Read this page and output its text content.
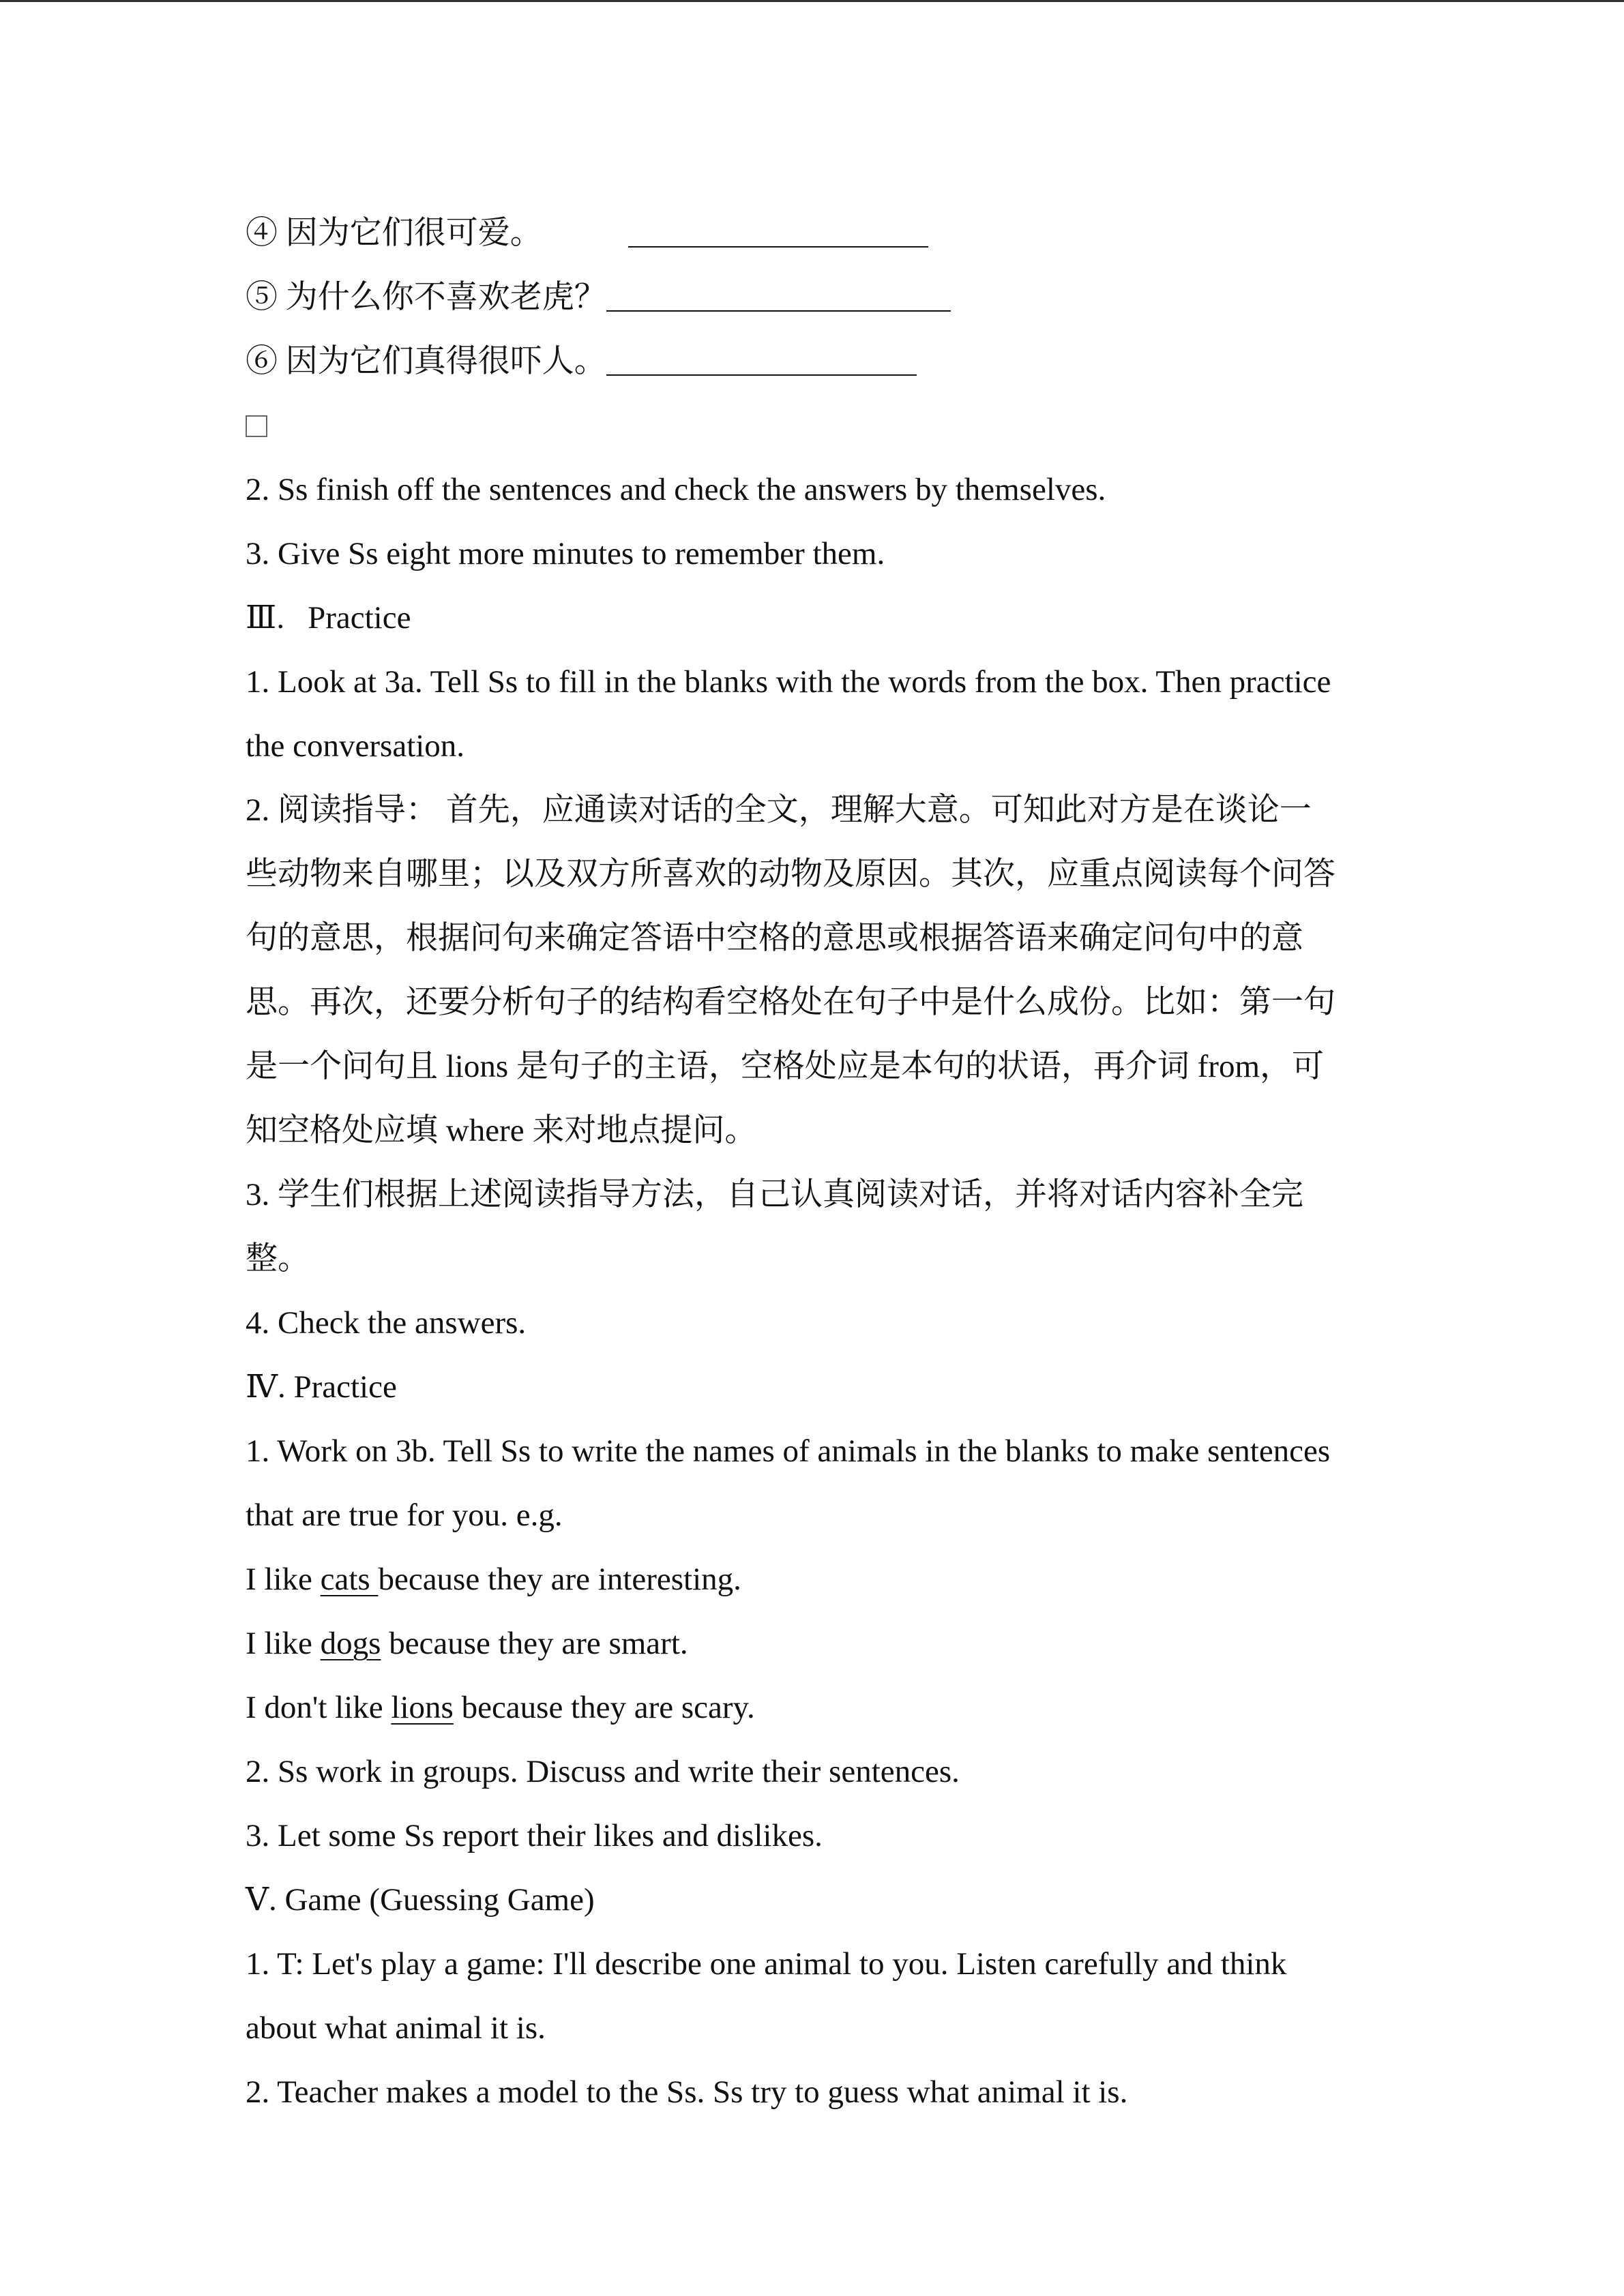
④ 因为它们很可爱。

⑤ 为什么你不喜欢老虎？

⑥ 因为它们真得很吓人。

2. Ss finish off the sentences and check the answers by themselves.

3. Give Ss eight more minutes to remember them.

Ⅲ. Practice

1. Look at 3a. Tell Ss to fill in the blanks with the words from the box. Then practice

the conversation.

2. 阅读指导： 首先，应通读对话的全文，理解大意。可知此对方是在谈论一

些动物来自哪里；以及双方所喜欢的动物及原因。其次，应重点阅读每个问答

句的意思，根据问句来确定答语中空格的意思或根据答语来确定问句中的意

思。再次，还要分析句子的结构看空格处在句子中是什么成份。比如：第一句

是一个问句且 lions 是句子的主语，空格处应是本句的状语，再介词 from，可

知空格处应填 where 来对地点提问。

3. 学生们根据上述阅读指导方法，自己认真阅读对话，并将对话内容补全完

整。

4. Check the answers.

Ⅳ. Practice

1. Work on 3b. Tell Ss to write the names of animals in the blanks to make sentences

that are true for you. e.g.

I like cats because they are interesting.

I like dogs because they are smart.

I don't like lions because they are scary.

2. Ss work in groups. Discuss and write their sentences.

3. Let some Ss report their likes and dislikes.

Ⅴ. Game (Guessing Game)

1. T: Let's play a game: I'll describe one animal to you. Listen carefully and think

about what animal it is.

2. Teacher makes a model to the Ss. Ss try to guess what animal it is.
